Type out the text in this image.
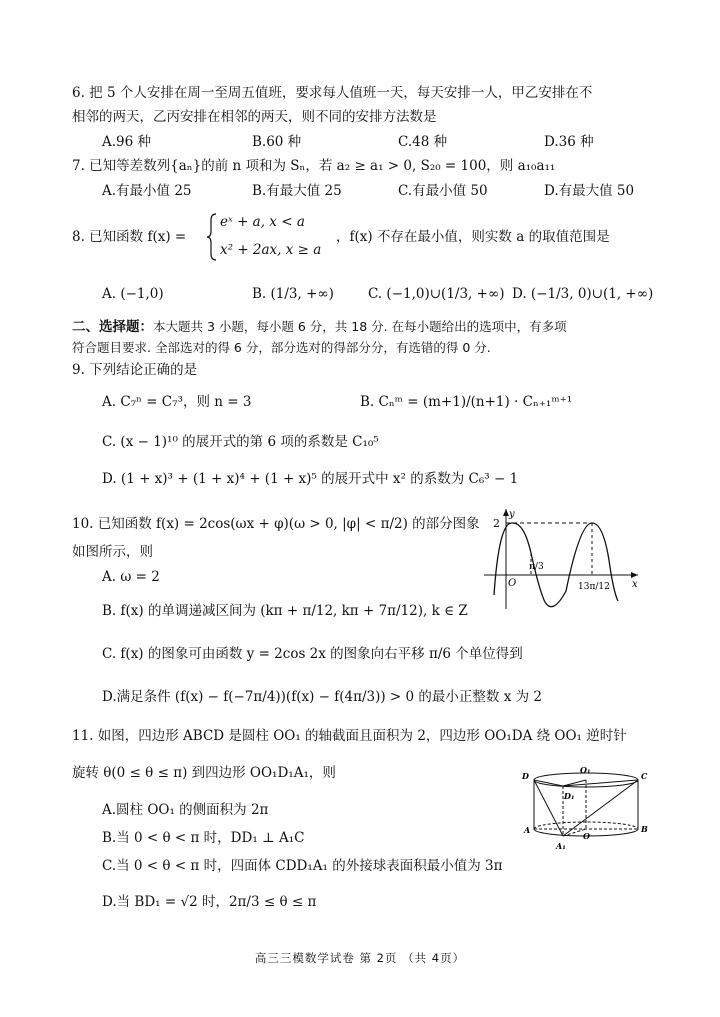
6. 把 5 个人安排在周一至周五值班，要求每人值班一天，每天安排一人，甲乙安排在不
相邻的两天，乙丙安排在相邻的两天，则不同的安排方法数是
A.96 种	B.60 种	C.48 种	D.36 种
7. 已知等差数列{aₙ}的前 n 项和为 Sₙ，若 a₂ ≥ a₁ > 0, S₂₀ = 100，则 a₁₀a₁₁
A.有最小值 25	B.有最大值 25	C.有最小值 50	D.有最大值 50
8. 已知函数 f(x) =
eˣ + a, x < a
x² + 2ax, x ≥ a
，f(x) 不存在最小值，则实数 a 的取值范围是
A. (−1,0)	B. (1/3, +∞)	C. (−1,0)∪(1/3, +∞) D. (−1/3, 0)∪(1, +∞)
二、选择题：本大题共 3 小题，每小题 6 分，共 18 分. 在每小题给出的选项中，有多项
符合题目要求. 全部选对的得 6 分，部分选对的得部分分，有选错的得 0 分.
9. 下列结论正确的是
A. C₇ⁿ = C₇³，则 n = 3	B. Cₙᵐ = (m+1)/(n+1) · Cₙ₊₁ᵐ⁺¹
C. (x − 1)¹⁰ 的展开式的第 6 项的系数是 C₁₀⁵
D. (1 + x)³ + (1 + x)⁴ + (1 + x)⁵ 的展开式中 x² 的系数为 C₆³ − 1
10. 已知函数 f(x) = 2cos(ωx + φ)(ω > 0, |φ| < π/2) 的部分图象
如图所示，则
A. ω = 2
B. f(x) 的单调递减区间为 (kπ + π/12, kπ + 7π/12), k ∈ Z
C. f(x) 的图象可由函数 y = 2cos 2x 的图象向右平移 π/6 个单位得到
D.满足条件 (f(x) − f(−7π/4))(f(x) − f(4π/3)) > 0 的最小正整数 x 为 2
y
x
2
O
π/3
13π/12
11. 如图，四边形 ABCD 是圆柱 OO₁ 的轴截面且面积为 2，四边形 OO₁DA 绕 OO₁ 逆时针
旋转 θ(0 ≤ θ ≤ π) 到四边形 OO₁D₁A₁，则
A.圆柱 OO₁ 的侧面积为 2π
B.当 0 < θ < π 时，DD₁ ⊥ A₁C
C.当 0 < θ < π 时，四面体 CDD₁A₁ 的外接球表面积最小值为 3π
D.当 BD₁ = √2 时，2π/3 ≤ θ ≤ π
D
O₁
C
D₁
A
O
B
A₁
高三三模数学试卷 第 2页 （共 4页）
